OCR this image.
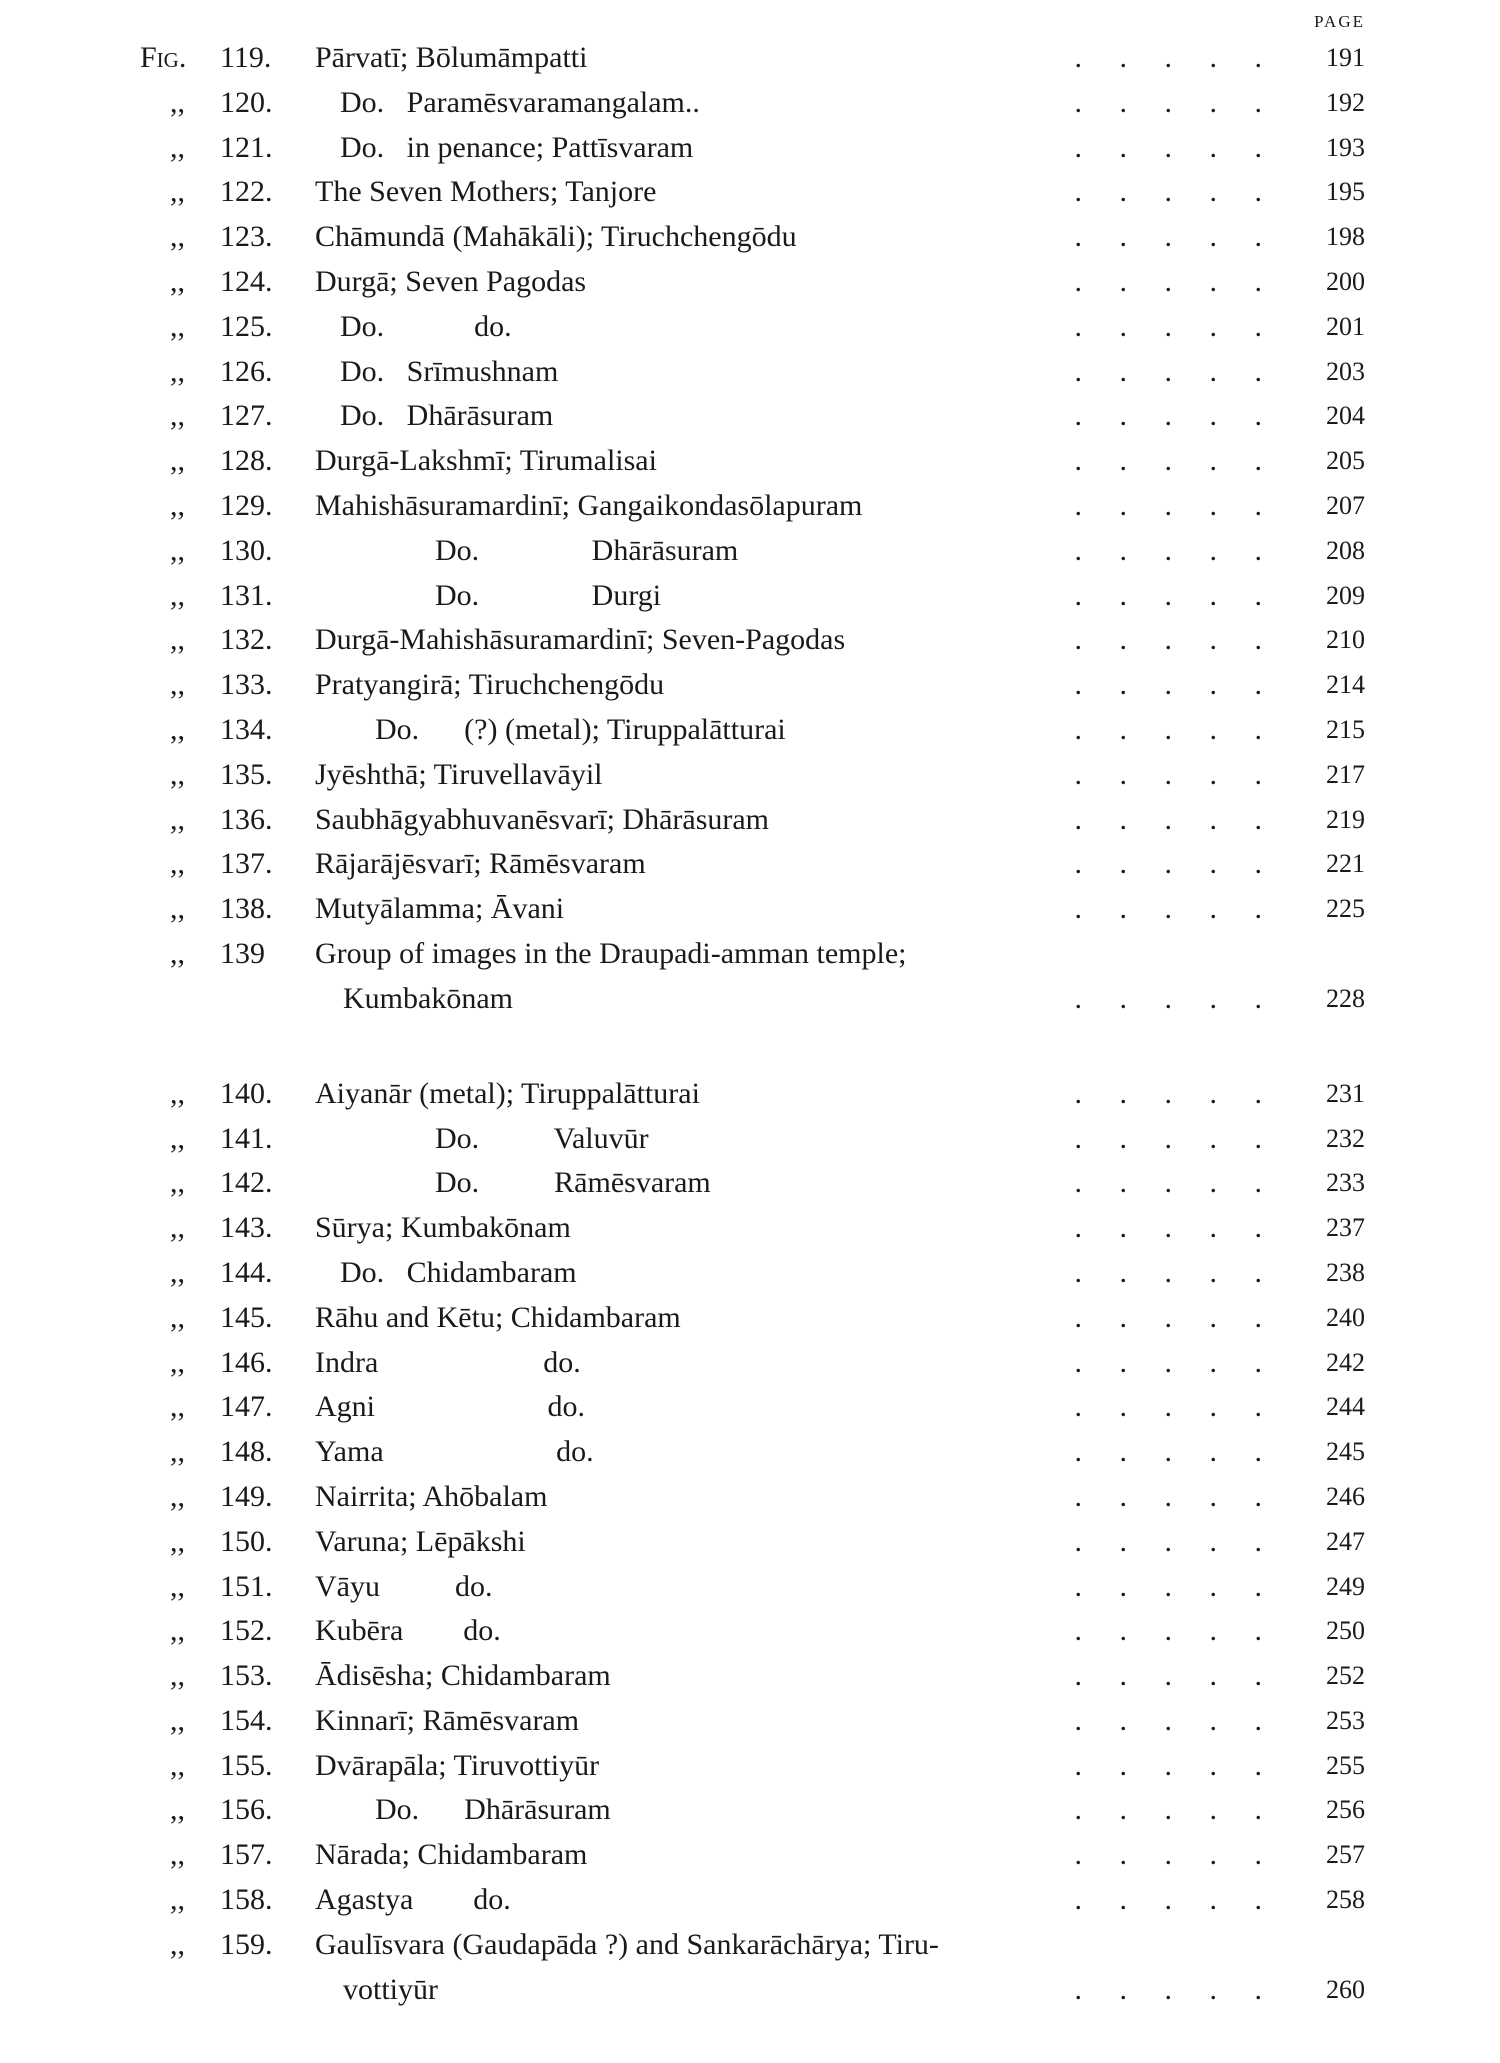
PAGE
Fig.	119.	Pārvatī; Bōlumāmpatti	.     .     .     .     .	191
,,	120.	Do.   Paramēsvaramangalam..	.     .     .     .     .	192
,,	121.	Do.   in penance; Pattīsvaram	.     .     .     .     .	193
,,	122.	The Seven Mothers; Tanjore	.     .     .     .     .	195
,,	123.	Chāmundā (Mahākāli); Tiruchchengōdu	.     .     .     .     .	198
,,	124.	Durgā; Seven Pagodas	.     .     .     .     .	200
,,	125.	Do.            do.	.     .     .     .     .	201
,,	126.	Do.   Srīmushnam	.     .     .     .     .	203
,,	127.	Do.   Dhārāsuram	.     .     .     .     .	204
,,	128.	Durgā-Lakshmī; Tirumalisai	.     .     .     .     .	205
,,	129.	Mahishāsuramardinī; Gangaikondasōlapuram	.     .     .     .     .	207
,,	130.	Do.               Dhārāsuram	.     .     .     .     .	208
,,	131.	Do.               Durgi	.     .     .     .     .	209
,,	132.	Durgā-Mahishāsuramardinī; Seven-Pagodas	.     .     .     .     .	210
,,	133.	Pratyangirā; Tiruchchengōdu	.     .     .     .     .	214
,,	134.	Do.      (?) (metal); Tiruppalātturai	.     .     .     .     .	215
,,	135.	Jyēshthā; Tiruvellavāyil	.     .     .     .     .	217
,,	136.	Saubhāgyabhuvanēsvarī; Dhārāsuram	.     .     .     .     .	219
,,	137.	Rājarājēsvarī; Rāmēsvaram	.     .     .     .     .	221
,,	138.	Mutyālamma; Āvani	.     .     .     .     .	225
,,	139	Group of images in the Draupadi-amman temple;
Kumbakōnam	.     .     .     .     .	228
,,	140.	Aiyanār (metal); Tiruppalātturai	.     .     .     .     .	231
,,	141.	Do.          Valuvūr	.     .     .     .     .	232
,,	142.	Do.          Rāmēsvaram	.     .     .     .     .	233
,,	143.	Sūrya; Kumbakōnam	.     .     .     .     .	237
,,	144.	Do.   Chidambaram	.     .     .     .     .	238
,,	145.	Rāhu and Kētu; Chidambaram	.     .     .     .     .	240
,,	146.	Indra                      do.	.     .     .     .     .	242
,,	147.	Agni                       do.	.     .     .     .     .	244
,,	148.	Yama                       do.	.     .     .     .     .	245
,,	149.	Nairrita; Ahōbalam	.     .     .     .     .	246
,,	150.	Varuna; Lēpākshi	.     .     .     .     .	247
,,	151.	Vāyu          do.	.     .     .     .     .	249
,,	152.	Kubēra        do.	.     .     .     .     .	250
,,	153.	Ādisēsha; Chidambaram	.     .     .     .     .	252
,,	154.	Kinnarī; Rāmēsvaram	.     .     .     .     .	253
,,	155.	Dvārapāla; Tiruvottiyūr	.     .     .     .     .	255
,,	156.	Do.      Dhārāsuram	.     .     .     .     .	256
,,	157.	Nārada; Chidambaram	.     .     .     .     .	257
,,	158.	Agastya        do.	.     .     .     .     .	258
,,	159.	Gaulīsvara (Gaudapāda ?) and Sankarāchārya; Tiru-
vottiyūr	.     .     .     .     .	260
